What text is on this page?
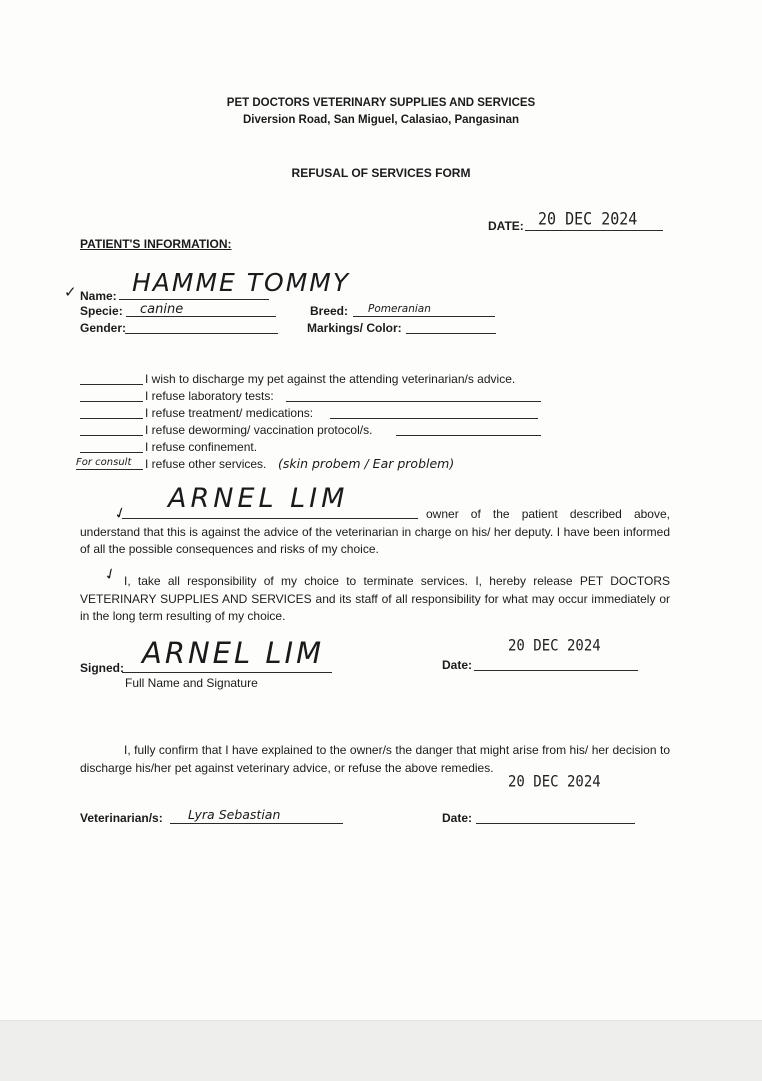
PET DOCTORS VETERINARY SUPPLIES AND SERVICES
Diversion Road, San Miguel, Calasiao, Pangasinan
REFUSAL OF SERVICES FORM
DATE: 20 DEC 2024
PATIENT'S INFORMATION:
✓ Name: HAMME TOMMY
Specie: canine	Breed: Pomeranian
Gender:	Markings/ Color:
I wish to discharge my pet against the attending veterinarian/s advice.
I refuse laboratory tests:
I refuse treatment/ medications:
I refuse deworming/ vaccination protocol/s.
I refuse confinement.
For consult I refuse other services. (skin probem / Ear problem)
✓ ARNEL LIM	owner of the patient described above, understand that this is against the advice of the veterinarian in charge on his/ her deputy. I have been informed of all the possible consequences and risks of my choice.
✓ I, take all responsibility of my choice to terminate services. I, hereby release PET DOCTORS VETERINARY SUPPLIES AND SERVICES and its staff of all responsibility for what may occur immediately or in the long term resulting of my choice.
Signed: ARNEL LIM
Full Name and Signature
Date:
20 DEC 2024
I, fully confirm that I have explained to the owner/s the danger that might arise from his/ her decision to discharge his/her pet against veterinary advice, or refuse the above remedies.
20 DEC 2024
Veterinarian/s: Lyra Sebastian	Date:
